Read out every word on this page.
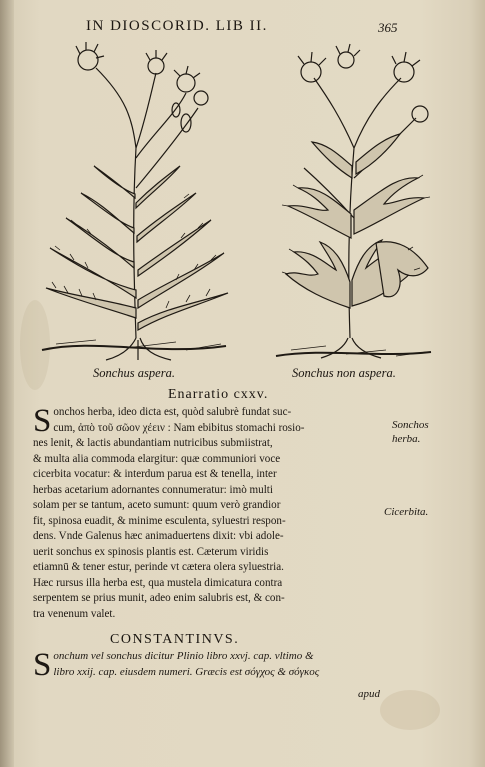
IN DIOSCORID. LIB II.	365
Sonchus aspera.	Sonchus non aspera.
Enarratio cxxv.
S onchos herba, ideo dicta est, quòd salubrè fundat suc-
cum, ἀπὸ τοῦ σῶον χέειν : Nam ebibitus stomachi rosio-
nes lenit, & lactis abundantiam nutricibus submiistrat,
& multa alia commoda elargitur: quæ communiori voce
cicerbita vocatur: & interdum parua est & tenella, inter
herbas acetarium adornantes connumeratur: imò multi
solam per se tantum, aceto sumunt: quum verò grandior
fit, spinosa euadit, & minime esculenta, syluestri respon-
dens. Vnde Galenus hæc animaduertens dixit: vbi adole-
uerit sonchus ex spinosis plantis est. Cæterum viridis
etiamnū & tener estur, perinde vt cætera olera syluestria.
Hæc rursus illa herba est, qua mustela dimicatura contra
serpentem se prius munit, adeo enim salubris est, & con-
tra venenum valet.
Sonchos
herba.
Cicerbita.
CONSTANTINVS.
S onchum vel sonchus dicitur Plinio libro xxvj. cap. vltimo &
libro xxij. cap. eiusdem numeri. Græcis est σόγχος & σόγκος
apud
